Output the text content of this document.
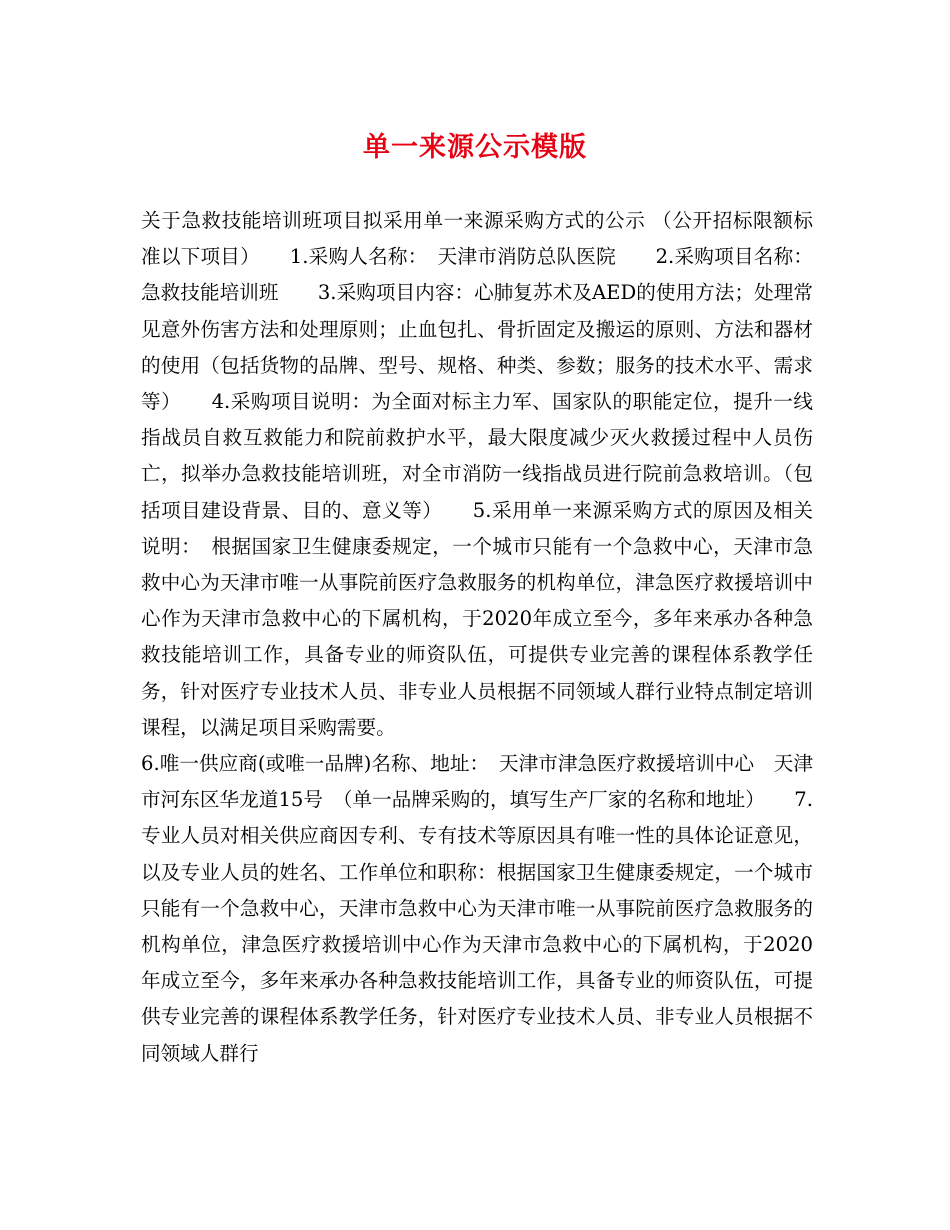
单一来源公示模版

关于急救技能培训班项目拟采用单一来源采购方式的公示 （公开招标限额标准以下项目）　　1.采购人名称：　天津市消防总队医院　　2.采购项目名称：急救技能培训班　　3.采购项目内容：心肺复苏术及AED的使用方法；处理常见意外伤害方法和处理原则；止血包扎、骨折固定及搬运的原则、方法和器材的使用（包括货物的品牌、型号、规格、种类、参数；服务的技术水平、需求等）　　4.采购项目说明：为全面对标主力军、国家队的职能定位，提升一线指战员自救互救能力和院前救护水平，最大限度减少灭火救援过程中人员伤亡，拟举办急救技能培训班，对全市消防一线指战员进行院前急救培训。（包括项目建设背景、目的、意义等）　　5.采用单一来源采购方式的原因及相关说明：　根据国家卫生健康委规定，一个城市只能有一个急救中心，天津市急救中心为天津市唯一从事院前医疗急救服务的机构单位，津急医疗救援培训中心作为天津市急救中心的下属机构，于2020年成立至今，多年来承办各种急救技能培训工作，具备专业的师资队伍，可提供专业完善的课程体系教学任务，针对医疗专业技术人员、非专业人员根据不同领域人群行业特点制定培训课程，以满足项目采购需要。

6.唯一供应商(或唯一品牌)名称、地址：　天津市津急医疗救援培训中心　天津市河东区华龙道15号　（单一品牌采购的，填写生产厂家的名称和地址）　　7.专业人员对相关供应商因专利、专有技术等原因具有唯一性的具体论证意见，以及专业人员的姓名、工作单位和职称：根据国家卫生健康委规定，一个城市只能有一个急救中心，天津市急救中心为天津市唯一从事院前医疗急救服务的机构单位，津急医疗救援培训中心作为天津市急救中心的下属机构，于2020年成立至今，多年来承办各种急救技能培训工作，具备专业的师资队伍，可提供专业完善的课程体系教学任务，针对医疗专业技术人员、非专业人员根据不同领域人群行
